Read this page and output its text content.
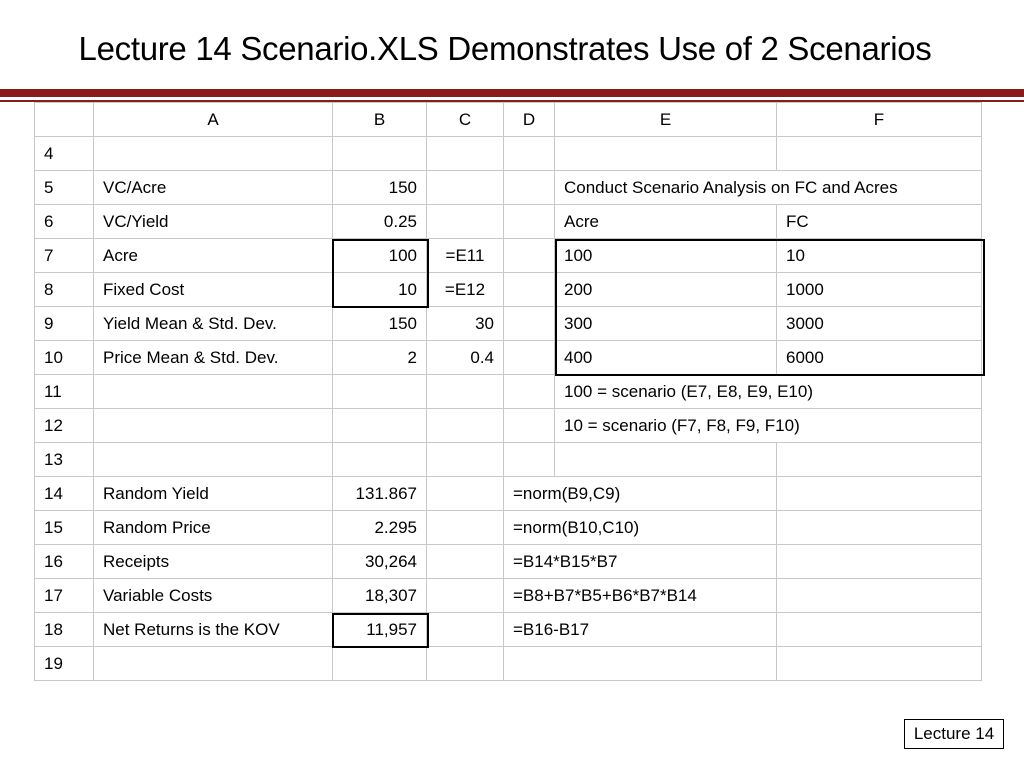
Lecture 14 Scenario.XLS Demonstrates Use of 2 Scenarios
	A	B	C	D	E	F
4						
5	VC/Acre	150			Conduct Scenario Analysis on FC and Acres	
6	VC/Yield	0.25			Acre	FC
7	Acre	100	=E11		100	10
8	Fixed Cost	10	=E12		200	1000
9	Yield Mean & Std. Dev.	150	30		300	3000
10	Price Mean & Std. Dev.	2	0.4		400	6000
11					100 = scenario (E7, E8, E9, E10)	
12					10 = scenario (F7, F8, F9, F10)	
13						
14	Random Yield	131.867		=norm(B9,C9)		
15	Random Price	2.295		=norm(B10,C10)		
16	Receipts	30,264		=B14*B15*B7		
17	Variable Costs	18,307		=B8+B7*B5+B6*B7*B14		
18	Net Returns is the KOV	11,957		=B16-B17		
19						
Lecture 14
